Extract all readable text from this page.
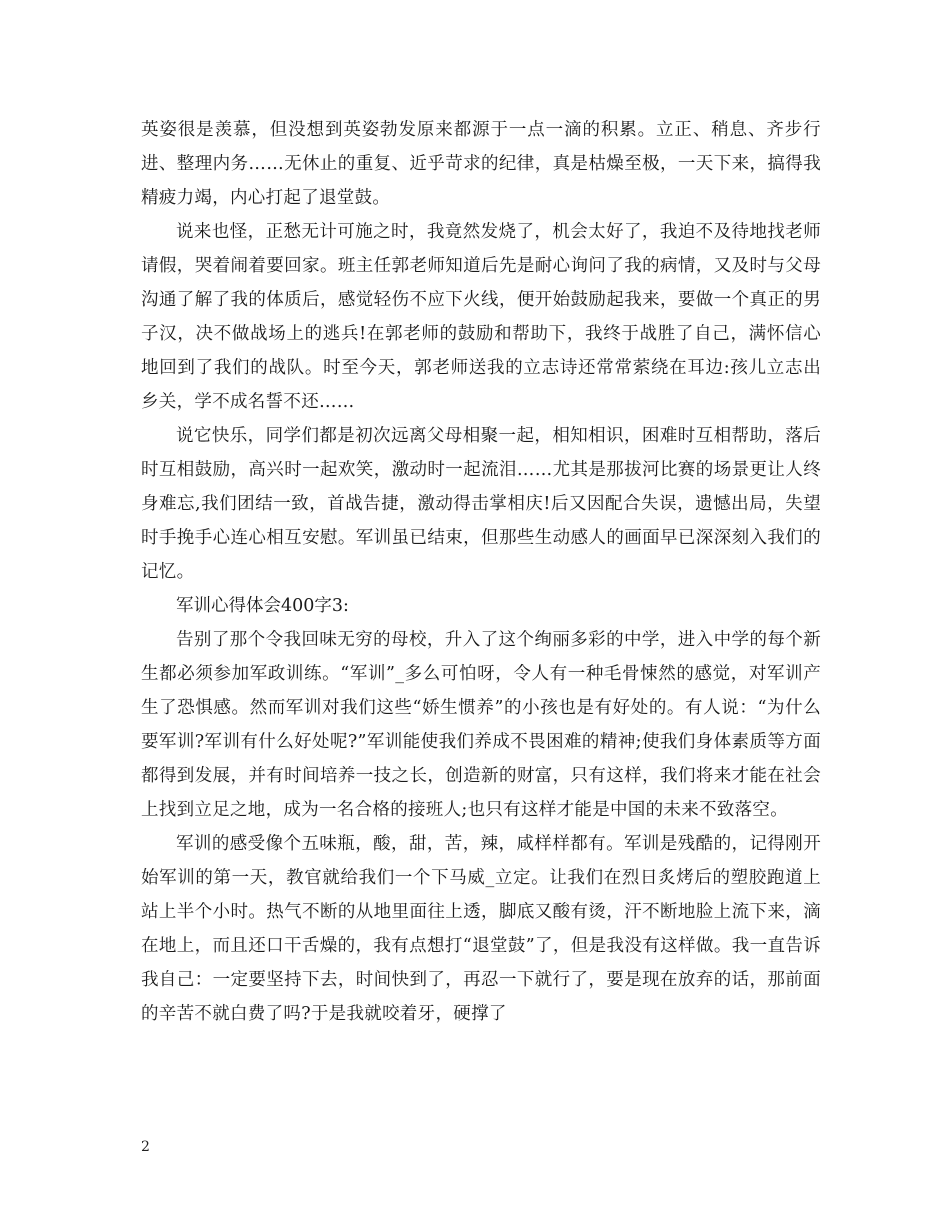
英姿很是羡慕，但没想到英姿勃发原来都源于一点一滴的积累。立正、稍息、齐步行进、整理内务……无休止的重复、近乎苛求的纪律，真是枯燥至极，一天下来，搞得我精疲力竭，内心打起了退堂鼓。

说来也怪，正愁无计可施之时，我竟然发烧了，机会太好了，我迫不及待地找老师请假，哭着闹着要回家。班主任郭老师知道后先是耐心询问了我的病情，又及时与父母沟通了解了我的体质后，感觉轻伤不应下火线，便开始鼓励起我来，要做一个真正的男子汉，决不做战场上的逃兵!在郭老师的鼓励和帮助下，我终于战胜了自己，满怀信心地回到了我们的战队。时至今天，郭老师送我的立志诗还常常萦绕在耳边:孩儿立志出乡关，学不成名誓不还……

说它快乐，同学们都是初次远离父母相聚一起，相知相识，困难时互相帮助，落后时互相鼓励，高兴时一起欢笑，激动时一起流泪……尤其是那拔河比赛的场景更让人终身难忘,我们团结一致，首战告捷，激动得击掌相庆!后又因配合失误，遗憾出局，失望时手挽手心连心相互安慰。军训虽已结束，但那些生动感人的画面早已深深刻入我们的记忆。

军训心得体会400字3:

告别了那个令我回味无穷的母校，升入了这个绚丽多彩的中学，进入中学的每个新生都必须参加军政训练。“军训”_多么可怕呀，令人有一种毛骨悚然的感觉，对军训产生了恐惧感。然而军训对我们这些“娇生惯养”的小孩也是有好处的。有人说：“为什么要军训?军训有什么好处呢?”军训能使我们养成不畏困难的精神;使我们身体素质等方面都得到发展，并有时间培养一技之长，创造新的财富，只有这样，我们将来才能在社会上找到立足之地，成为一名合格的接班人;也只有这样才能是中国的未来不致落空。

军训的感受像个五味瓶，酸，甜，苦，辣，咸样样都有。军训是残酷的，记得刚开始军训的第一天，教官就给我们一个下马威_立定。让我们在烈日炙烤后的塑胶跑道上站上半个小时。热气不断的从地里面往上透，脚底又酸有烫，汗不断地脸上流下来，滴在地上，而且还口干舌燥的，我有点想打“退堂鼓”了，但是我没有这样做。我一直告诉我自己：一定要坚持下去，时间快到了，再忍一下就行了，要是现在放弃的话，那前面的辛苦不就白费了吗?于是我就咬着牙，硬撑了

2
